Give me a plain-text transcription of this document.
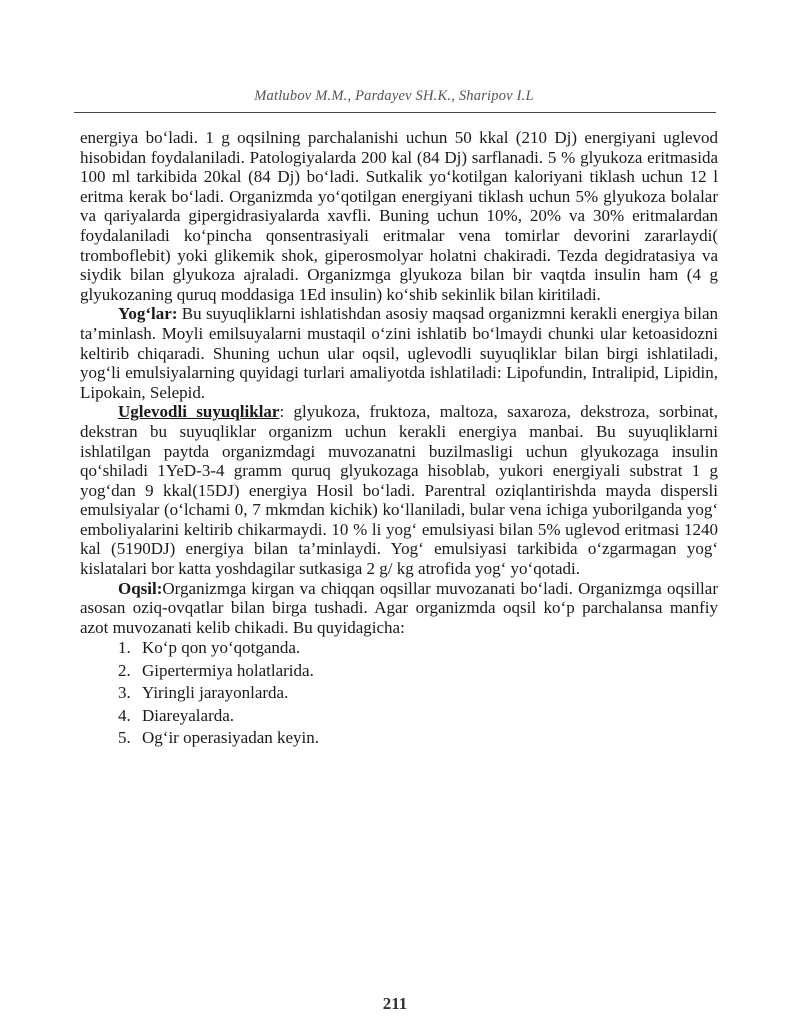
Matlubov M.M., Pardayev SH.K., Sharipov I.L

energiya bo‘ladi. 1 g oqsilning parchalanishi uchun 50 kkal (210 Dj) energiyani uglevod hisobidan foydalaniladi. Patologiyalarda 200 kal (84 Dj) sarflanadi. 5 % glyukoza eritmasida 100 ml tarkibida 20kal (84 Dj) bo‘ladi. Sutkalik yo‘kotilgan kaloriyani tiklash uchun 12 l eritma kerak bo‘ladi. Organizmda yo‘qotilgan energiyani tiklash uchun 5% glyukoza bolalar va qariyalarda gipergidrasiyalarda xavfli. Buning uchun 10%, 20% va 30% eritmalardan foydalaniladi ko‘pincha qonsentrasiyali eritmalar vena tomirlar devorini zararlaydi( tromboflebit) yoki glikemik shok, giperosmolyar holatni chakiradi. Tezda degidratasiya va siydik bilan glyukoza ajraladi. Organizmga glyukoza bilan bir vaqtda insulin ham (4 g glyukozaning quruq moddasiga 1Ed insulin) ko‘shib sekinlik bilan kiritiladi.

Yog‘lar: Bu suyuqliklarni ishlatishdan asosiy maqsad organizmni kerakli energiya bilan ta’minlash. Moyli emilsuyalarni mustaqil o‘zini ishlatib bo‘lmaydi chunki ular ketoasidozni keltirib chiqaradi. Shuning uchun ular oqsil, uglevodli suyuqliklar bilan birgi ishlatiladi, yog‘li emulsiyalarning quyidagi turlari amaliyotda ishlatiladi: Lipofundin, Intralipid, Lipidin, Lipokain, Selepid.

Uglevodli suyuqliklar: glyukoza, fruktoza, maltoza, saxaroza, dekstroza, sorbinat, dekstran bu suyuqliklar organizm uchun kerakli energiya manbai. Bu suyuqliklarni ishlatilgan paytda organizmdagi muvozanatni buzilmasligi uchun glyukozaga insulin qo‘shiladi 1YeD-3-4 gramm quruq glyukozaga hisoblab, yukori energiyali substrat 1 g yog‘dan 9 kkal(15DJ) energiya Hosil bo‘ladi. Parentral oziqlantirishda mayda dispersli emulsiyalar (o‘lchami 0, 7 mkmdan kichik) ko‘llaniladi, bular vena ichiga yuborilganda yog‘ emboliyalarini keltirib chikarmaydi. 10 % li yog‘ emulsiyasi bilan 5% uglevod eritmasi 1240 kal (5190DJ) energiya bilan ta’minlaydi. Yog‘ emulsiyasi tarkibida o‘zgarmagan yog‘ kislatalari bor katta yoshdagilar sutkasiga 2 g/ kg atrofida yog‘ yo‘qotadi.

Oqsil:Organizmga kirgan va chiqqan oqsillar muvozanati bo‘ladi. Organizmga oqsillar asosan oziq-ovqatlar bilan birga tushadi. Agar organizmda oqsil ko‘p parchalansa manfiy azot muvozanati kelib chikadi. Bu quyidagicha:

1. Ko‘p qon yo‘qotganda.
2. Gipertermiya holatlarida.
3. Yiringli jarayonlarda.
4. Diareyalarda.
5. Og‘ir operasiyadan keyin.
211
